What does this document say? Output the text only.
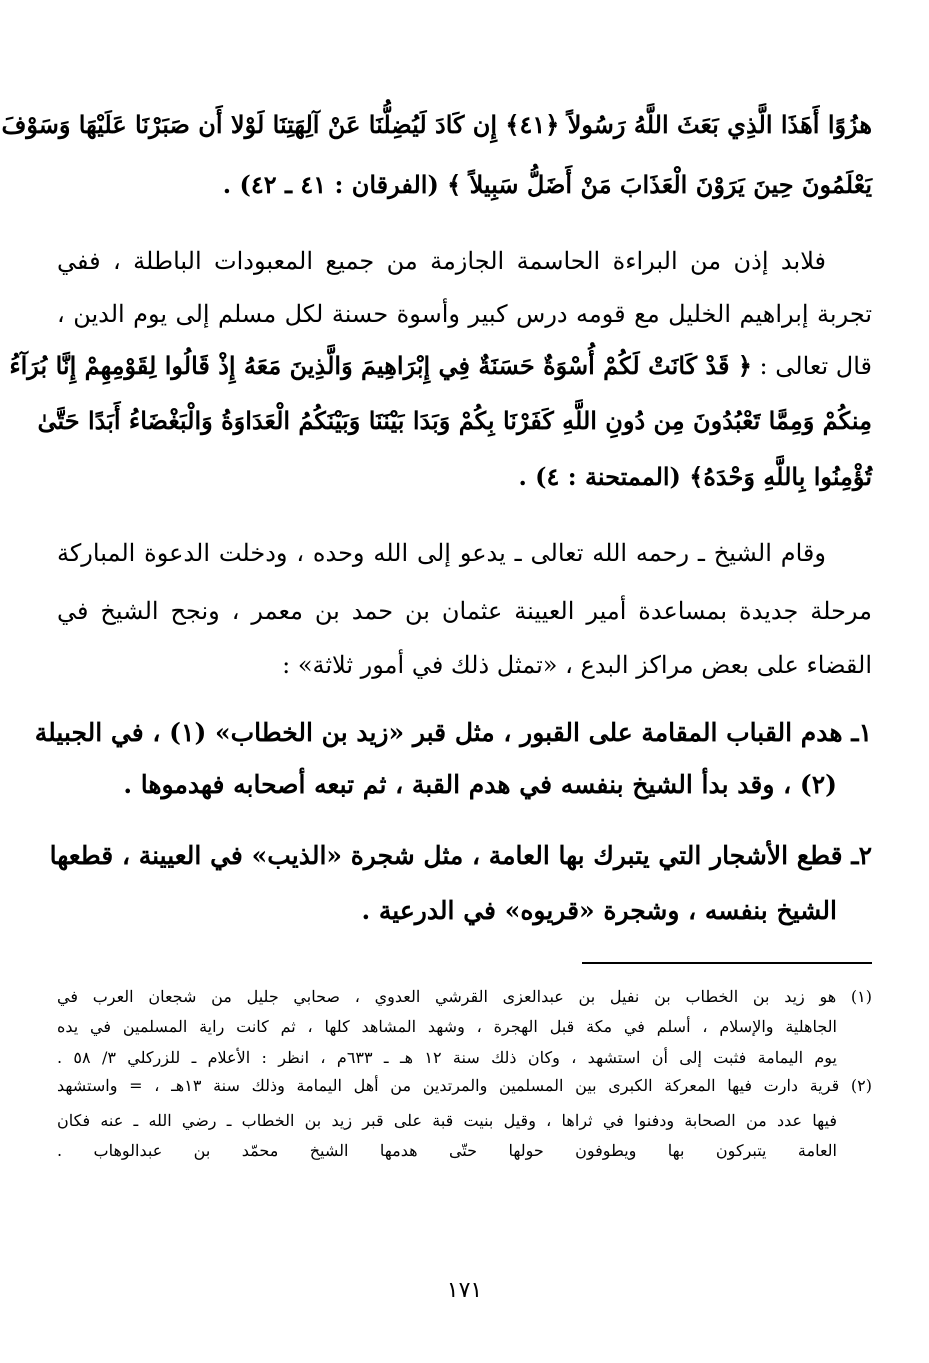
هزُوًا أَهَذَا الَّذِي بَعَثَ اللَّهُ رَسُولاً ﴿٤١﴾ إِن كَادَ لَيُضِلُّنَا عَنْ آلِهَتِنَا لَوْلا أَن صَبَرْنَا عَلَيْهَا وَسَوْفَ
يَعْلَمُونَ حِينَ يَرَوْنَ الْعَذَابَ مَنْ أَضَلُّ سَبِيلاً ﴾ (الفرقان : ٤١ ـ ٤٢) .
فلابد إذن من البراءة الحاسمة الجازمة من جميع المعبودات الباطلة ، ففي
تجربة إبراهيم الخليل مع قومه درس كبير وأسوة حسنة لكل مسلم إلى يوم الدين ،
قال تعالى : ﴿ قَدْ كَانَتْ لَكُمْ أُسْوَةٌ حَسَنَةٌ فِي إِبْرَاهِيمَ وَالَّذِينَ مَعَهُ إِذْ قَالُوا لِقَوْمِهِمْ إِنَّا بُرَآءُ
مِنكُمْ وَمِمَّا تَعْبُدُونَ مِن دُونِ اللَّهِ كَفَرْنَا بِكُمْ وَبَدَا بَيْنَنَا وَبَيْنَكُمُ الْعَدَاوَةُ وَالْبَغْضَاءُ أَبَدًا حَتَّىٰ
تُؤْمِنُوا بِاللَّهِ وَحْدَهُ﴾ (الممتحنة : ٤) .
وقام الشيخ ـ رحمه الله تعالى ـ يدعو إلى الله وحده ، ودخلت الدعوة المباركة
مرحلة جديدة بمساعدة أمير العيينة عثمان بن حمد بن معمر ، ونجح الشيخ في
القضاء على بعض مراكز البدع ، «تمثل ذلك في أمور ثلاثة» :
١ـ هدم القباب المقامة على القبور ، مثل قبر «زيد بن الخطاب» (١) ، في الجبيلة
(٢) ، وقد بدأ الشيخ بنفسه في هدم القبة ، ثم تبعه أصحابه فهدموها .
٢ـ قطع الأشجار التي يتبرك بها العامة ، مثل شجرة «الذيب» في العيينة ، قطعها
الشيخ بنفسه ، وشجرة «قريوه» في الدرعية .
(١) هو زيد بن الخطاب بن نفيل بن عبدالعزى القرشي العدوي ، صحابي جليل من شجعان العرب في
الجاهلية والإسلام ، أسلم في مكة قبل الهجرة ، وشهد المشاهد كلها ، ثم كانت راية المسلمين في يده
يوم اليمامة فثبت إلى أن استشهد ، وكان ذلك سنة ١٢ هـ ـ ٦٣٣م ، انظر : الأعلام ـ للزركلي ٣/ ٥٨ .
(٢) قرية دارت فيها المعركة الكبرى بين المسلمين والمرتدين من أهل اليمامة وذلك سنة ١٣هـ ، = واستشهد
فيها عدد من الصحابة ودفنوا في ثراها ، وقيل بنيت قبة على قبر زيد بن الخطاب ـ رضي الله ـ عنه فكان
العامة يتبركون بها ويطوفون حولها حتّى هدمها الشيخ محمّد بن عبدالوهاب .
١٧١
